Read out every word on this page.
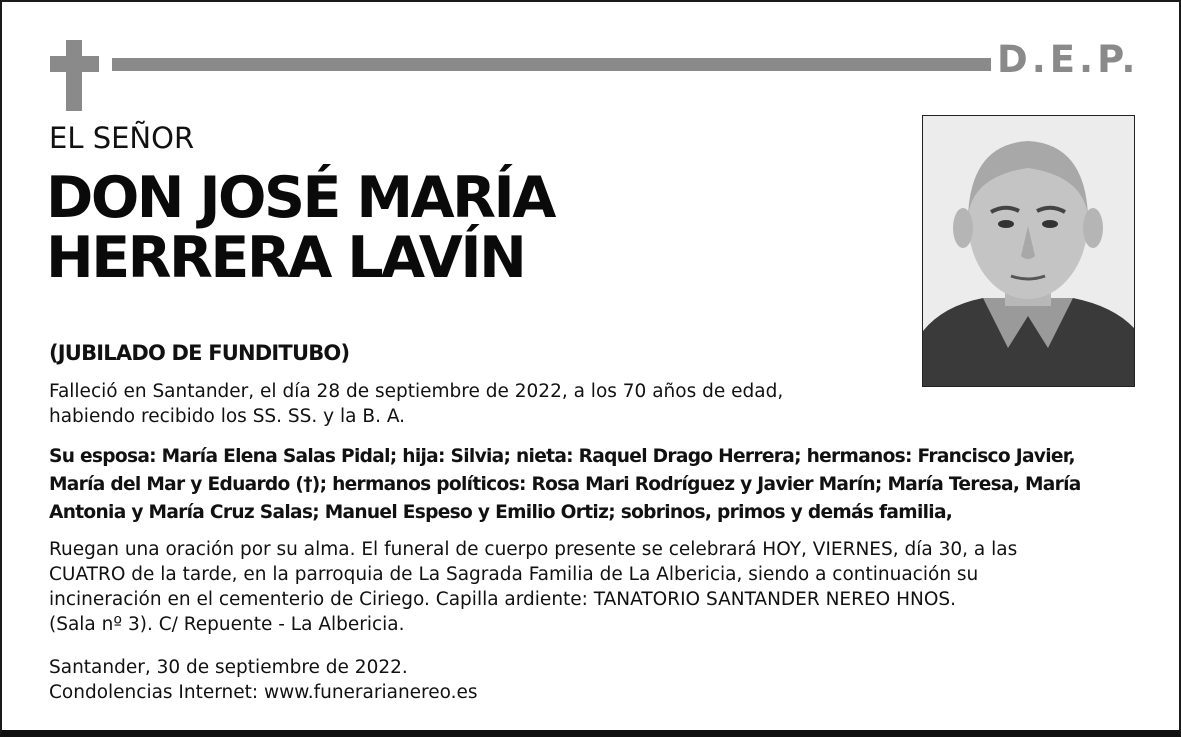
D.E.P.
EL SEÑOR
DON JOSÉ MARÍA
HERRERA LAVÍN
(JUBILADO DE FUNDITUBO)
Falleció en Santander, el día 28 de septiembre de 2022, a los 70 años de edad,
habiendo recibido los SS. SS. y la B. A.
Su esposa: María Elena Salas Pidal; hija: Silvia; nieta: Raquel Drago Herrera; hermanos: Francisco Javier,
María del Mar y Eduardo (†); hermanos políticos: Rosa Mari Rodríguez y Javier Marín; María Teresa, María
Antonia y María Cruz Salas; Manuel Espeso y Emilio Ortiz; sobrinos, primos y demás familia,
Ruegan una oración por su alma. El funeral de cuerpo presente se celebrará HOY, VIERNES, día 30, a las
CUATRO de la tarde, en la parroquia de La Sagrada Familia de La Albericia, siendo a continuación su
incineración en el cementerio de Ciriego. Capilla ardiente: TANATORIO SANTANDER NEREO HNOS.
(Sala nº 3). C/ Repuente - La Albericia.
Santander, 30 de septiembre de 2022.
Condolencias Internet: www.funerarianereo.es
